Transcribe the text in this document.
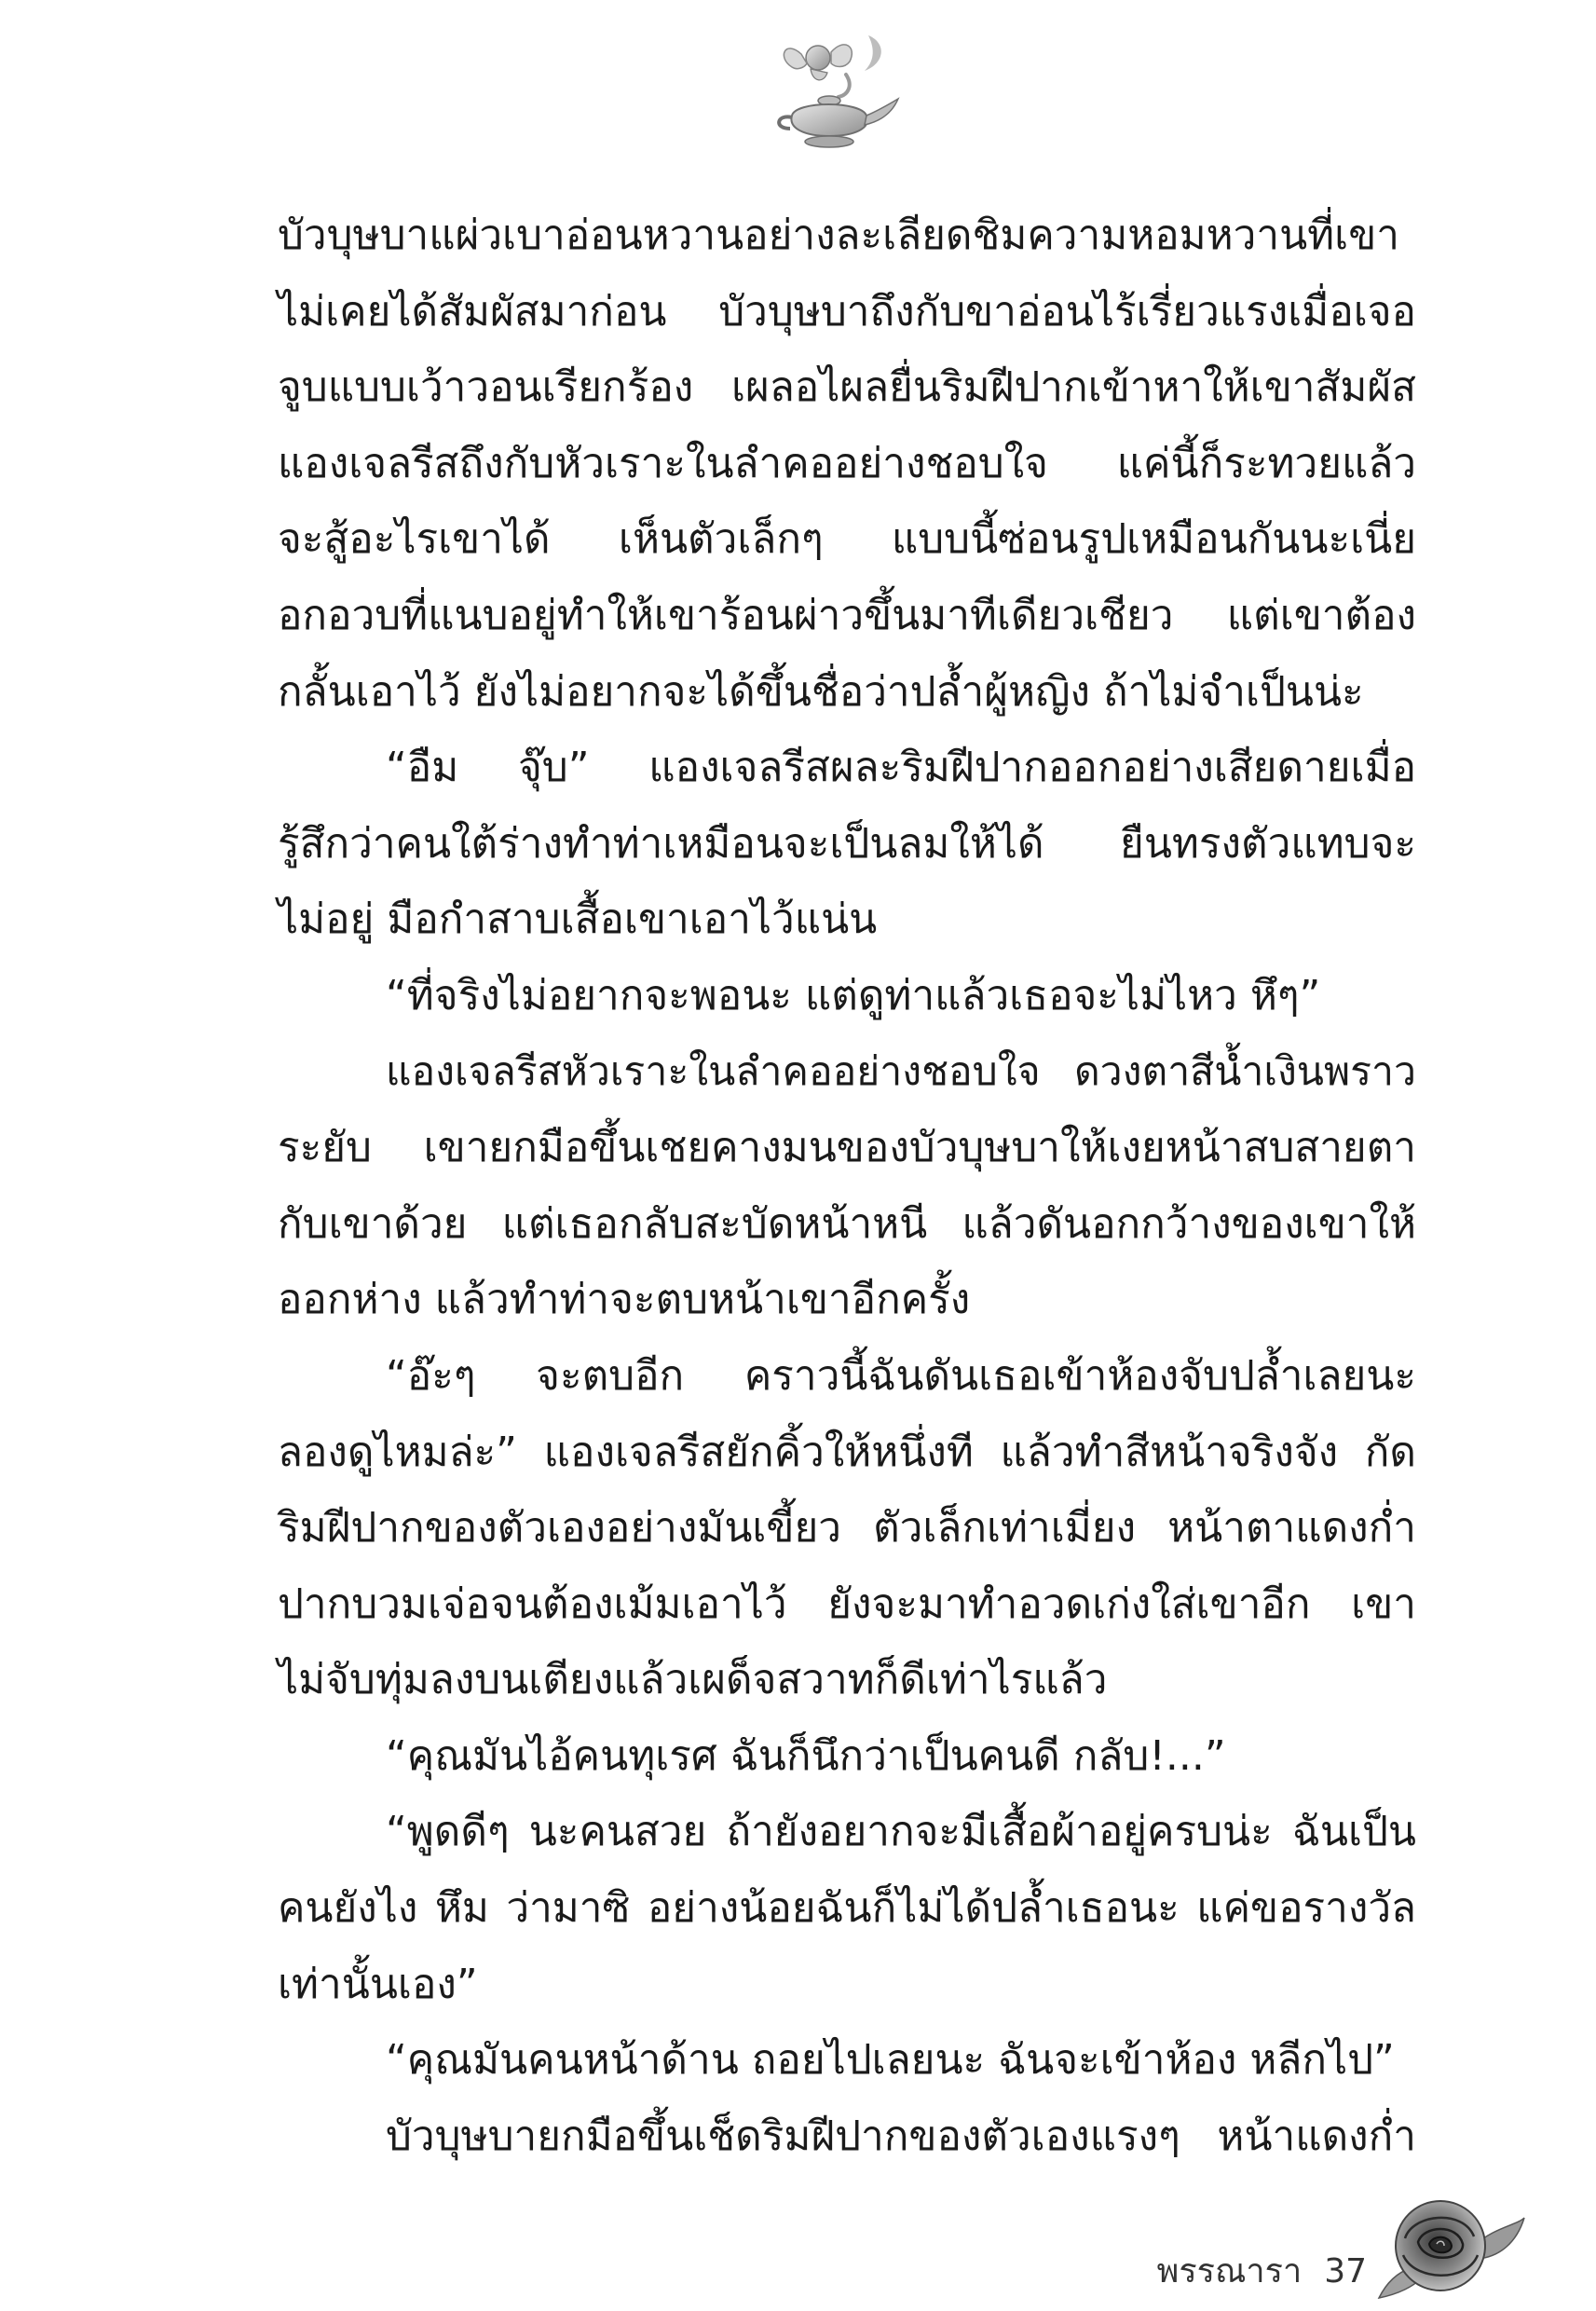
บัวบุษบาแผ่วเบาอ่อนหวานอย่างละเลียดชิมความหอมหวานที่เขา
ไม่เคยได้สัมผัสมาก่อน บัวบุษบาถึงกับขาอ่อนไร้เรี่ยวแรงเมื่อเจอ
จูบแบบเว้าวอนเรียกร้อง เผลอไผลยื่นริมฝีปากเข้าหาให้เขาสัมผัส
แองเจลรีสถึงกับหัวเราะในลำคออย่างชอบใจ แค่นี้ก็ระทวยแล้ว
จะสู้อะไรเขาได้ เห็นตัวเล็กๆ แบบนี้ซ่อนรูปเหมือนกันนะเนี่ย
อกอวบที่แนบอยู่ทำให้เขาร้อนผ่าวขึ้นมาทีเดียวเชียว แต่เขาต้อง
กลั้นเอาไว้ ยังไม่อยากจะได้ขึ้นชื่อว่าปล้ำผู้หญิง ถ้าไม่จำเป็นน่ะ
“อืม จุ๊บ” แองเจลรีสผละริมฝีปากออกอย่างเสียดายเมื่อ
รู้สึกว่าคนใต้ร่างทำท่าเหมือนจะเป็นลมให้ได้ ยืนทรงตัวแทบจะ
ไม่อยู่ มือกำสาบเสื้อเขาเอาไว้แน่น
“ที่จริงไม่อยากจะพอนะ แต่ดูท่าแล้วเธอจะไม่ไหว หึๆ”
แองเจลรีสหัวเราะในลำคออย่างชอบใจ ดวงตาสีน้ำเงินพราว
ระยับ เขายกมือขึ้นเชยคางมนของบัวบุษบาให้เงยหน้าสบสายตา
กับเขาด้วย แต่เธอกลับสะบัดหน้าหนี แล้วดันอกกว้างของเขาให้
ออกห่าง แล้วทำท่าจะตบหน้าเขาอีกครั้ง
“อ๊ะๆ จะตบอีก คราวนี้ฉันดันเธอเข้าห้องจับปล้ำเลยนะ
ลองดูไหมล่ะ” แองเจลรีสยักคิ้วให้หนึ่งที แล้วทำสีหน้าจริงจัง กัด
ริมฝีปากของตัวเองอย่างมันเขี้ยว ตัวเล็กเท่าเมี่ยง หน้าตาแดงก่ำ
ปากบวมเจ่อจนต้องเม้มเอาไว้ ยังจะมาทำอวดเก่งใส่เขาอีก เขา
ไม่จับทุ่มลงบนเตียงแล้วเผด็จสวาทก็ดีเท่าไรแล้ว
“คุณมันไอ้คนทุเรศ ฉันก็นึกว่าเป็นคนดี กลับ!...”
“พูดดีๆ นะคนสวย ถ้ายังอยากจะมีเสื้อผ้าอยู่ครบน่ะ ฉันเป็น
คนยังไง หึม ว่ามาซิ อย่างน้อยฉันก็ไม่ได้ปล้ำเธอนะ แค่ขอรางวัล
เท่านั้นเอง”
“คุณมันคนหน้าด้าน ถอยไปเลยนะ ฉันจะเข้าห้อง หลีกไป”
บัวบุษบายกมือขึ้นเช็ดริมฝีปากของตัวเองแรงๆ หน้าแดงก่ำ
พรรณารา 37
